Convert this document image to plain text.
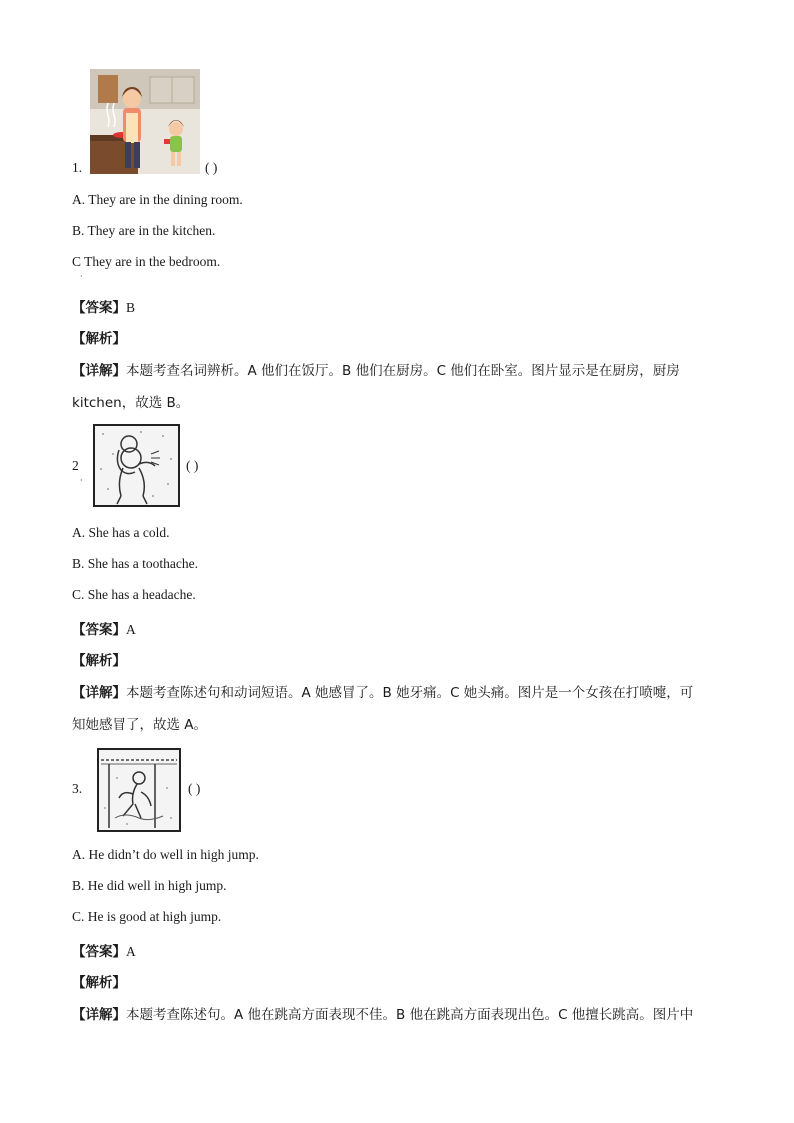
1.	( )
A. They are in the dining room.
B. They are in the kitchen.
C They are in the bedroom.
·
【答案】B
【解析】
【详解】本题考查名词辨析。A 他们在饭厅。B 他们在厨房。C 他们在卧室。图片显示是在厨房，厨房
kitchen，故选 B。
2
·
( )
A. She has a cold.
B. She has a toothache.
C. She has a headache.
【答案】A
【解析】
【详解】本题考查陈述句和动词短语。A 她感冒了。B 她牙痛。C 她头痛。图片是一个女孩在打喷嚏，可
知她感冒了，故选 A。
3.	( )
A. He didn’t do well in high jump.
B. He did well in high jump.
C. He is good at high jump.
【答案】A
【解析】
【详解】本题考查陈述句。A 他在跳高方面表现不佳。B 他在跳高方面表现出色。C 他擅长跳高。图片中
